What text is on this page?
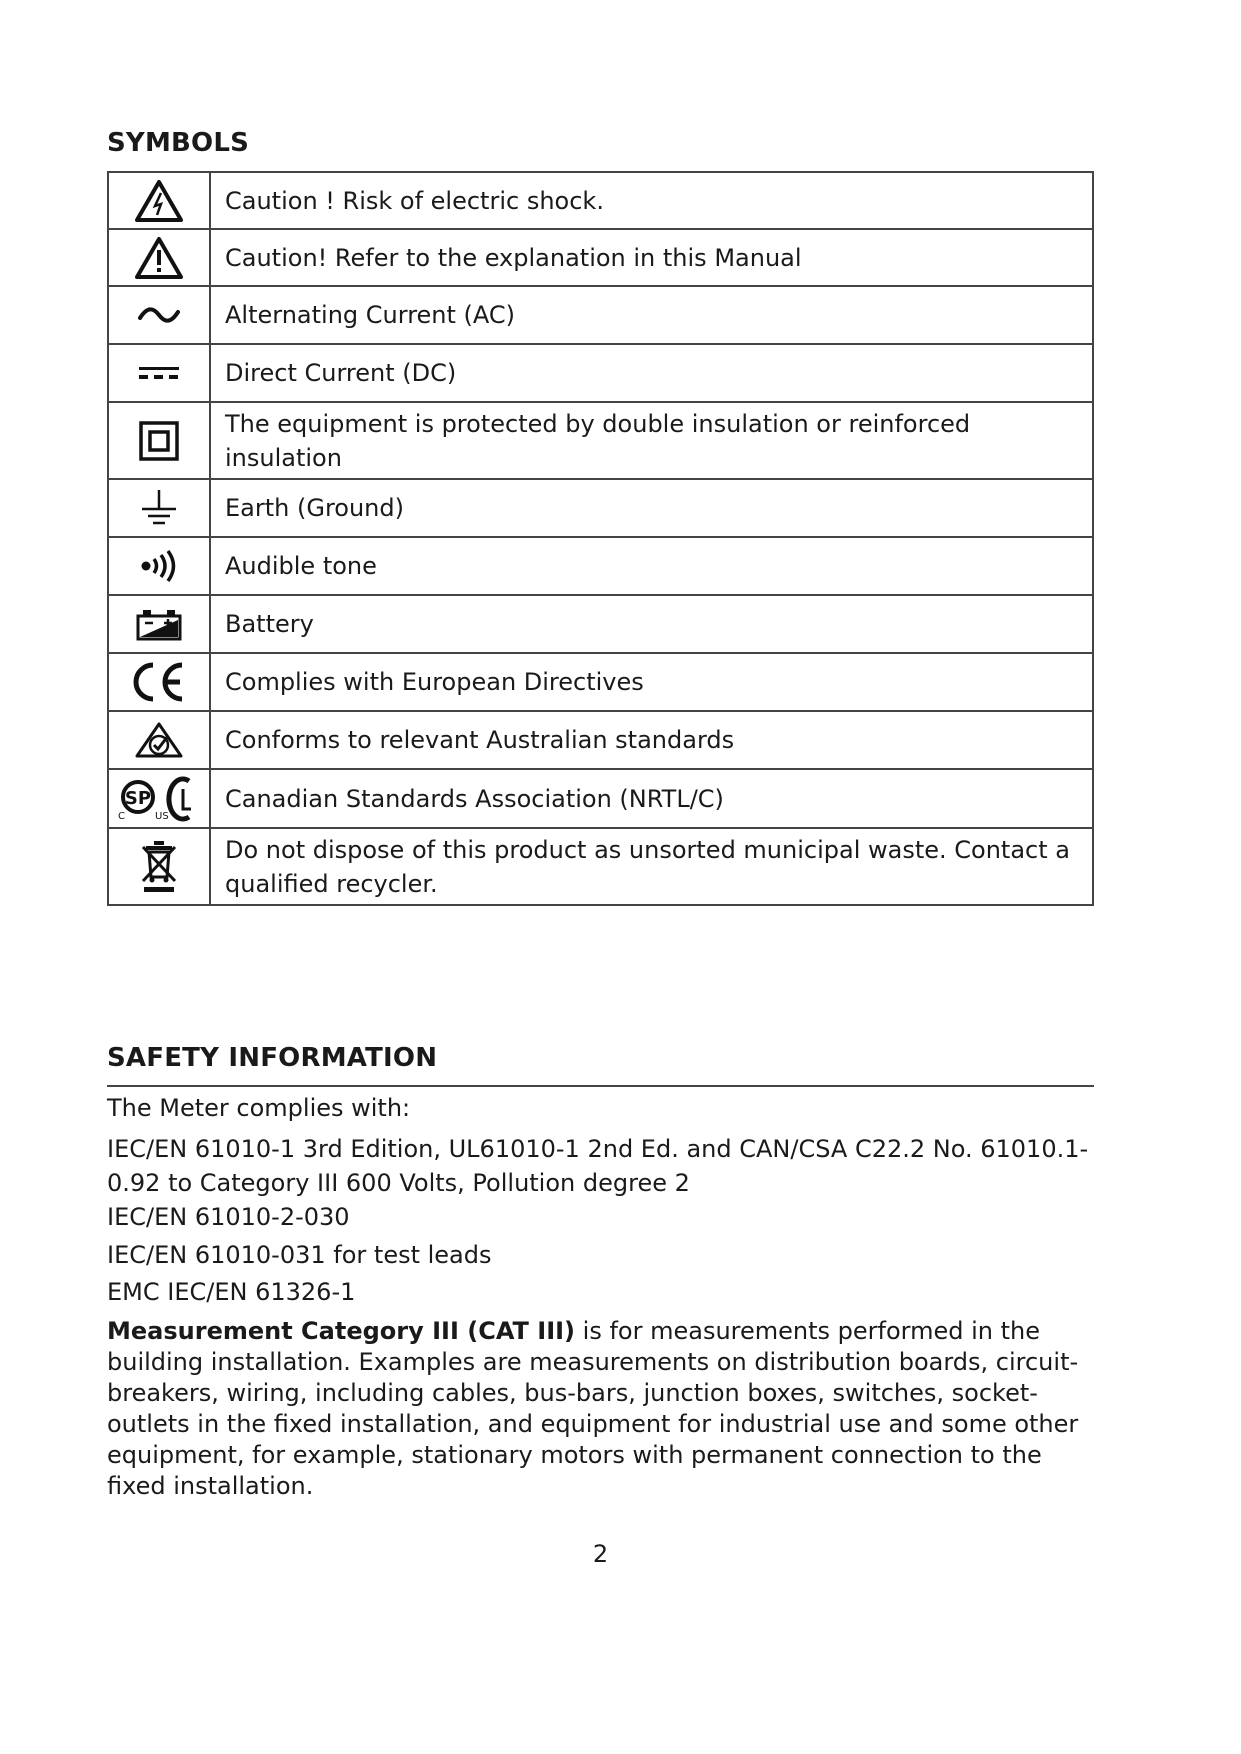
SYMBOLS
	Caution ! Risk of electric shock.

	Caution! Refer to the explanation in this Manual

	Alternating Current (AC)

	Direct Current (DC)

	The equipment is protected by double insulation or reinforced insulation

	Earth (Ground)

	Audible tone

	Battery

	Complies with European Directives

	Conforms to relevant Australian standards

SP
C US	Canadian Standards Association (NRTL/C)

	Do not dispose of this product as unsorted municipal waste. Contact a qualified recycler.
SAFETY INFORMATION

The Meter complies with:

IEC/EN 61010-1 3rd Edition, UL61010-1 2nd Ed. and CAN/CSA C22.2 No. 61010.1-0.92 to Category III 600 Volts, Pollution degree 2

IEC/EN 61010-2-030

IEC/EN 61010-031 for test leads

EMC IEC/EN 61326-1

Measurement Category III (CAT III) is for measurements performed in the building installation. Examples are measurements on distribution boards, circuit- breakers, wiring, including cables, bus-bars, junction boxes, switches, socket-outlets in the fixed installation, and equipment for industrial use and some other equipment, for example, stationary motors with permanent connection to the fixed installation.

2
